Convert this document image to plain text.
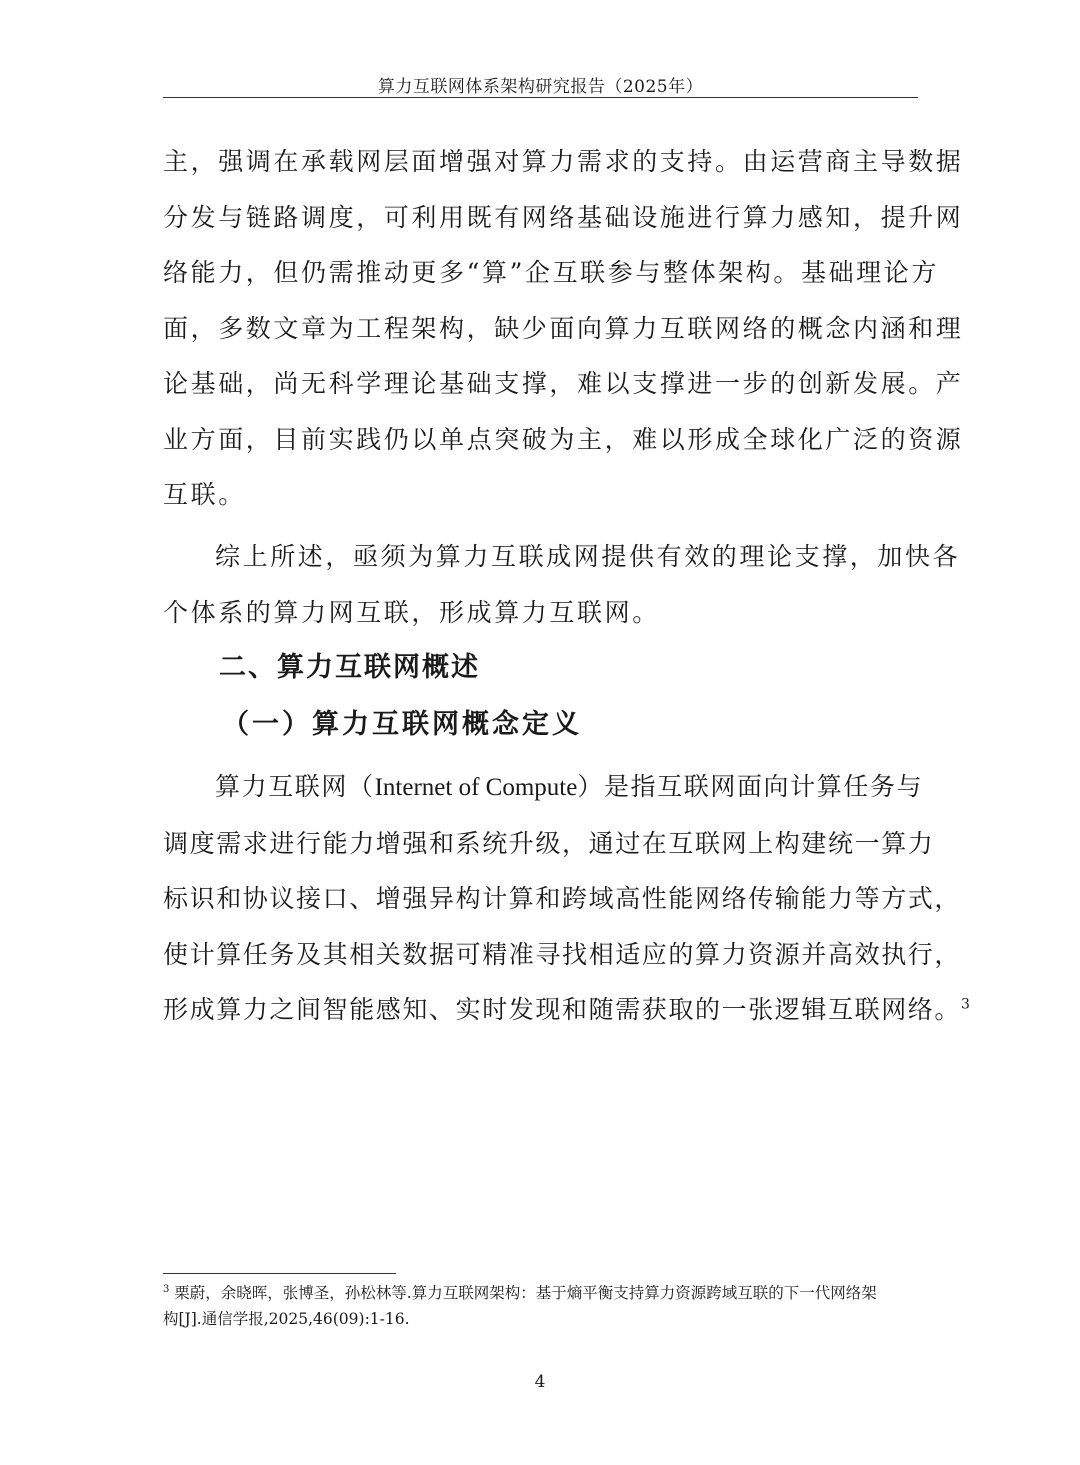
算力互联网体系架构研究报告（2025年）

主，强调在承载网层面增强对算力需求的支持。由运营商主导数据
分发与链路调度，可利用既有网络基础设施进行算力感知，提升网
络能力，但仍需推动更多“算”企互联参与整体架构。基础理论方
面，多数文章为工程架构，缺少面向算力互联网络的概念内涵和理
论基础，尚无科学理论基础支撑，难以支撑进一步的创新发展。产
业方面，目前实践仍以单点突破为主，难以形成全球化广泛的资源
互联。

综上所述，亟须为算力互联成网提供有效的理论支撑，加快各
个体系的算力网互联，形成算力互联网。

二、算力互联网概述
（一）算力互联网概念定义

算力互联网（Internet of Compute）是指互联网面向计算任务与
调度需求进行能力增强和系统升级，通过在互联网上构建统一算力
标识和协议接口、增强异构计算和跨域高性能网络传输能力等方式，
使计算任务及其相关数据可精准寻找相适应的算力资源并高效执行，
形成算力之间智能感知、实时发现和随需获取的一张逻辑互联网络。$^3$

$^3$ 栗蔚，余晓晖，张博圣，孙松林等.算力互联网架构：基于熵平衡支持算力资源跨域互联的下一代网络架
构[J].通信学报,2025,46(09):1-16.

4
